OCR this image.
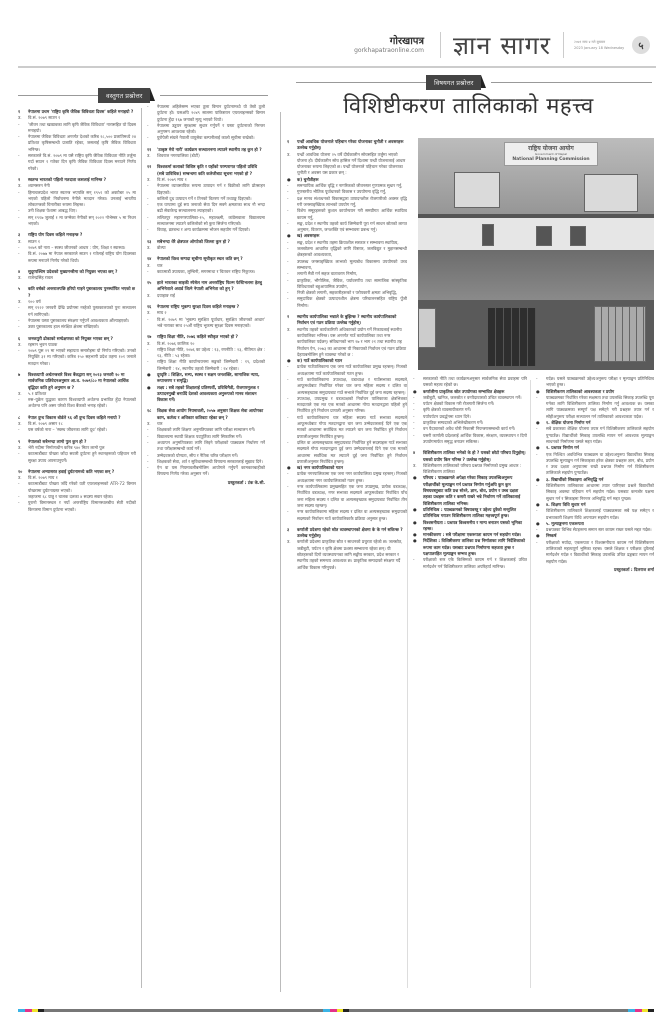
गोरखापत्र
gorkhapatraonline.com ज्ञान सागर	२०७९ माघ ४ गते बुधवार
2023 January 18 Wednesday	५
वस्तुगत प्रश्नोत्तर
विषयगत प्रश्नोत्तर
विशिष्टीकरण तालिकाको महत्त्व
१	नेपालमा प्रथम 'राष्ट्रिय कृषि जैविक विविधता दिवस' कहिले मनाइयो ?
उ.	वि.सं. २०७९ साउन १
-	'जीवन तथा खाद्यान्नका लागि कृषि जैविक विविधता' नारासहित यो दिवस मनाइयो।
-	नेपालमा जैविक विविधता अन्तर्गत देशको करिब २८,५०० प्रजातिमध्ये २४ प्रतिशत कृषिसम्बन्धी प्रजाति रहेका, जसलाई कृषि जैविक विविधता भनिन्छ।
-	सरकारले वि.सं. २०७९ मा यसै राष्ट्रिय कृषि जैविक विविधता नीति तर्जुमा गर्दा साउन १ गतेका दिन कृषि जैविक विविधता दिवस मनाउने निर्णय गरेको।
२	स्वतन्त्र भारतको पहिलो मतदाता कसलाई मानिन्छ ?
उ.	श्यामसरन नेगी
-	हिमाचलप्रदेश भारत स्वतन्त्र भएपछि सन् १९५१ को अक्टोबर २५ मा भएको पहिलो निर्वाचनमा नेगीले मतदान गरेका। उनलाई भारतीय लोकतन्त्रको चिनारीका रूपमा लिइन्छ।
-	उनी शिक्षक पेशामा आबद्ध थिए।
-	सन् १९१७ जुलाई १ मा जन्मेका नेगीको सन् २०२२ नोभेम्बर ५ मा निधन भएको।
३	राष्ट्रिय योग दिवस कहिले मनाइन्छ ?
उ.	साउन १
-	२०७९ को नारा – स्वस्थ जीवनको आधार : योग, शिक्षा र स्वास्थ्य।
-	वि.सं. २०७७ मा नेपाल सरकारले साउन १ गतेलाई राष्ट्रिय योग दिवसका रूपमा मनाउने निर्णय गरेको थियो।
४	सुदूरपश्चिम प्रदेशको मुख्यमन्त्रीमा को नियुक्त भएका छन् ?
उ.	राजेन्द्रसिंह रावल
५	कति वर्षको अन्तरालपछि हरियो गाइने पुस्तकालय पुनर्स्थापित भएको छ ?
उ.	१०० वर्ष
-	सन् १९२२ जनवरी देखि प्रयोगमा नरहेको पुस्तकालयको पुनः सञ्चालन गर्न लागिएको।
-	नेपालमा यस्ता पुस्तकालय संरक्षण गर्नुपर्ने आवश्यकता औंल्याइएको।
-	उक्त पुस्तकालय हाल संरक्षित क्षेत्रमा राखिएको।
६	जनकपुरी ढोकाको सम्प्रेक्षणका को नियुक्त भएका छन् ?
उ.	रहमान भुवन पाठक
-	२०७९ पुस २९ मा भएको सहायता समारोहमा यो निर्णय गरिएको। उनको नियुक्ति ३१ मा गरिएको। करिब १५० सहभागी प्रदेश तहमा १०१ जनाले मतदान गरेका।
७	विश्वव्यापी अर्थतन्त्रबारे विश्व बैंकद्वारा सन् २०२३ जनवरी १० मा सार्वजनिक प्रतिवेदनअनुसार आ.व. २०७९/८० मा नेपालको आर्थिक वृद्धिदर कति हुने अनुमान छ ?
उ.	५.१ प्रतिशत
-	रुस–युक्रेन युद्धका कारण विश्वव्यापी अर्थतन्त्र प्रभावित हुँदा नेपालको अर्थतन्त्र पनि असर परेको विश्व बैंकको भनाइ रहेको।
८	नेपाल दुग्ध विकास बोर्डले ९६ औं दुग्ध दिवस कहिले मनायो ?
उ.	वि.सं. २०७९ असार १८
-	यस वर्षको नारा – 'स्वस्थ जीवनका लागि दूध' रहेको।
९	नेपालको सबैभन्दा लामो पुल कुन हो ?
उ.	भेरी नदीमा निर्माणाधीन करिब ९४० मिटर लामो पुल
-	काठमाडौंबाट पोखरा जाँदा सवारी दुर्घटना हुने स्थानहरूको पहिचान गरी सुरक्षा उपाय अपनाउनुपर्ने।
१०	नेपालमा अभ्यासरत हवाई दुर्घटनामध्ये कति भएका छन् ?
उ.	वि.सं. २०७९ माघ १
-	काठमाडौंबाट पोखरा जाँदै गरेको यती एयरलाइन्सको ATR-72 विमान पोखरामा दुर्घटनाग्रस्त भएको।
-	जहाजमा ६८ यात्रु र चालक दलका ४ सदस्य सवार रहेका।
-	पुरानो विमानस्थल र नयाँ अन्तर्राष्ट्रिय विमानस्थलबीच सेती नदीको किनारमा विमान दुर्घटना भएको।
-	नेपालमा अहिलेसम्म भएका ठूला विमान दुर्घटनामध्ये यो तेस्रो ठूलो दुर्घटना हो। यसअघि २०४९ सालमा पाकिस्तान एयरलाइन्सको विमान दुर्घटना हुँदा १६७ जनाको मृत्यु भएको थियो।
-	नेपालमा उड्डयन सुरक्षामा सुधार गर्नुपर्ने र यस्ता दुर्घटनाको निरन्तर अनुगमन आवश्यक रहेको।
-	युरोपेली संघले नेपाली वायुसेवा कम्पनीलाई कालो सूचीमा राखेको।
११	'उत्कृष्ट मेरो नारी' कार्यक्रम सञ्चालनमा ल्याउने स्थानीय तह कुन हो ?
उ.	शिवराज नगरपालिका (डोटी)
१२	विश्वकर्मा कलाको विशिष्ट कृति र यहाँको परम्परागत पहिलो प्रविधि (सबै प्राविधिक) सम्बन्धमा कति कलेजीबाट सूचना भएको हो ?
उ.	वि.सं. २०७९ माघ १
-	नेपालमा व्यावसायिक रूपमा उत्पादन गर्न र विक्रीको लागि प्रोत्साहन दिइएको।
-	कलिलो दूध उत्पादन गर्ने र तिनको वितरण गर्ने तथ्याङ्क दिइएको।
-	एक घण्टामा दुई सय जनाको सेवा दिन सक्ने क्षमताका साथ नौ भन्दा बढी सेवाकेन्द्र सञ्चालनमा ल्याइएको।
-	ललितपुर महानगरपालिका-१५, महालक्ष्मी, कांग्रेसवाला विद्यालयमा सञ्चालनमा ल्याउने कलिलोको सो कुरा सिर्जना गरिएको।
-	विवाह, व्रतबन्ध र अन्य कार्यक्रममा भोजन सहयोग गर्ने दिएको।
१३	सबैभन्दा धेरै क्षेत्रफल ओगटेको जिल्ला कुन हो ?
उ.	डोल्पा
१४	नेपालको विश्व सम्पदा सूचीमा सूचीकृत स्थल कति छन् ?
उ.	चार
-	काठमाडौं उपत्यका, लुम्बिनी, सगरमाथा र चितवन राष्ट्रिय निकुञ्ज।
१५	हाले भारतका साइकी स्पेसेल नाम अन्तर्राष्ट्रिय फिल्म फेस्टिभलमा हेतबु अभिनेताले अवार्ड जित्ने नेपाली अभिनेता को हुन् ?
उ.	दयाहाङ राई
१६	नेपालमा राष्ट्रिय भूकम्प सुरक्षा दिवस कहिले मनाइन्छ ?
उ.	माघ २
-	वि.सं. २०७९ मा 'भूकम्प सुरक्षित पूर्वाधार, सुरक्षित जीवनको आधार' भन्ने नाराका साथ २५औं राष्ट्रिय भूकम्प सुरक्षा दिवस मनाइएको।
१७	राष्ट्रिय शिक्षा नीति, २०७६ कहिले स्वीकृत भएको हो ?
उ.	वि.सं. २०७६ कात्तिक १०
-	राष्ट्रिय शिक्षा नीति, २०७६ का उद्देश्य : १३, रणनीति : २३, नीतिगत क्षेत्र : १३, नीति : ५३ रहेका।
-	राष्ट्रिय शिक्षा नीति कार्यान्वयनमा सङ्घको जिम्मेवारी : १९, प्रदेशको जिम्मेवारी : १४, स्थानीय तहको जिम्मेवारी : २४ रहेका।
●	दूरदृष्टि : शिक्षित, सभ्य, स्वस्थ र सक्षम जनशक्ति, सामाजिक न्याय, रूपान्तरण र समृद्धि।
●	लक्ष्य : सबै तहको शिक्षालाई प्रतिस्पर्धी, प्रविधिमैत्री, रोजगारमूलक र उत्पादनमुखी बनाउँदै देशको आवश्यकता अनुरूपको मानव संशाधन विकास गर्ने।
१८	शिक्षक सेवा आयोग नियमावली, २०५७ अनुसार शिक्षक सेवा आयोगका काम, कर्तव्य र अधिकार कतिवटा रहेका छन् ?
उ.	चार
-	शिक्षकको लागि शिक्षण अनुमतिपत्रका लागि परीक्षा सञ्चालन गर्ने।
-	विद्यालयमा स्थायी शिक्षक पदपूर्तिका लागि सिफारिस गर्ने।
-	अध्यापन अनुमतिपत्रका लागि लिइने परीक्षाको पाठ्यक्रम निर्धारण गर्ने तथा परीक्षासम्बन्धी कार्य गर्ने।
-	उम्मेदवारको योग्यता, सीप र नैतिक चरित्र परीक्षण गर्ने।
-	शिक्षकको सेवा, शर्त र सुविधासम्बन्धी विषयमा सरकारलाई सुझाव दिने।
-	ऐन वा यस नियमावलीबमोजिम आयोगले गर्नुपर्ने कामकारबाहीको विषयमा निर्णय गरेका अनुसार गर्ने।
प्रस्तुतकर्ता : टंक के.सी.
१	पन्ध्रौं आवधिक योजनाले पहिचान गरेका योजनाका चुनौती र अवसरहरू उल्लेख गर्नुहोस्।
उ.	पन्ध्रौं आवधिक योजना २५ वर्षे दीर्घकालीन सोचसहित तर्जुमा भएको योजना हो। दीर्घकालीन सोच हासिल गर्ने दिशामा पन्ध्रौं योजनालाई आधार योजनाका रूपमा लिइएको छ। पन्ध्रौं योजनाले पहिचान गरेका योजनाका चुनौती र अवसर यस प्रकार छन् :
●	क) चुनौतीहरू
-	समन्यायिक आर्थिक वृद्धि र नागरिकको जीवनस्तर गुणात्मक सुधार गर्नु,
-	गुणस्तरीय भौतिक पूर्वाधारको विकास र उपयोगमा वृद्धि गर्नु,
-	दक्ष मानव संशाधनको विकासद्वारा उत्पादनशील रोजगारीको अवसर वृद्धि गरी जनसाङ्ख्यिक लाभको उपयोग गर्नु,
-	विशेष समूहहरूको कुशल कार्यान्वयन गरी समग्रीगत आर्थिक स्थायित्व कायम गर्नु,
-	सङ्घ, प्रदेश र स्थानीय तहको कार्य जिम्मेवारी पूरा गर्न साधन स्रोतको लागत अनुमान, वितरण, जनशक्ति एवं सम्भावना प्रबन्ध गर्नु।
●	ख) अवसरहरू
-	सङ्घ, प्रदेश र स्थानीय तहमा क्रियाशील सरकार र सम्भावना स्थायित्व,
-	जलस्रोतमा आधारित वृद्धिको लागि विस्तार, जलविद्युत र मुहानसम्बन्धी क्षेत्रहरूको आवश्यकता,
-	उपलब्ध जनसाङ्ख्यिक लाभको मूल्यबोध विकासमा उपयोगको उच्च सम्भावना,
-	लगानी मैत्री गर्न सहज वातावरण निर्माण,
-	प्राकृतिक, भौगोलिक, जैविक, पर्यावरणीय तथा सामाजिक सांस्कृतिक विविधताको बहुआयामिक उपयोग,
-	निजी क्षेत्रको लगानी, सहकारीहरूको र परोपकारी क्षमता अभिवृद्धि,
-	समुदायिक क्षेत्रको उत्पादनशील क्षेत्रमा परिचालनसहित राष्ट्रिय पुँजी निर्माण।
२	स्थानीय कार्यपालिका भन्नाले के बुझिन्छ ? स्थानीय कार्यपालिकाको निर्वाचन एवं गठन प्रक्रिया उल्लेख गर्नुहोस्।
उ.	स्थानीय तहको कार्यकारिणी अधिकारको प्रयोग गर्ने निकायलाई स्थानीय कार्यपालिका भनिन्छ। यस अन्तर्गत गाउँ कार्यपालिका तथा नगर कार्यपालिका पर्दछन्। संविधानको भाग २७ र भाग २१ तथा स्थानीय तह निर्वाचन ऐन, २०७३ का आधारमा यी निकायको निर्वाचन एवं गठन प्रक्रिया देहायबमोजिम हुने व्यवस्था गरेको छ :
●	क) गाउँ कार्यपालिकाको गठन
-	प्रत्येक गाउँपालिकामा एक जना गाउँ कार्यपालिका प्रमुख रहन्छन्। निजको अध्यक्षतामा गाउँ कार्यपालिकाको गठन हुन्छ।
-	गाउँ कार्यपालिकामा उपाध्यक्ष, वडाध्यक्ष र गाउँसभाका सदस्यले आफूमध्येबाट निर्वाचित गरेका चार जना महिला सदस्य र दलित वा अल्पसङ्ख्यक समुदायबाट गाउँ सभाले निर्वाचित दुई जना सदस्य रहन्छन्।
-	उपाध्यक्ष, उपप्रमुख र वडाध्यक्षको निर्वाचन पालिकाका क्षेत्रभित्रका मतदाताले एक मत एक मतको आधारमा गोप्य मतदानद्वारा पहिलो हुने निर्वाचित हुने निर्वाचन प्रणाली अनुसार गरिन्छ।
-	गाउँ कार्यपालिकामा चार महिला सदस्य गाउँ सभाका सदस्यले आफूमध्येबाट गोप्य मतदानद्वारा चार जना उम्मेदवारलाई दिने एक एक मतको आधारमा सर्वाधिक मत ल्याउने चार जना निर्वाचित हुने निर्वाचन प्रणालीअनुसार निर्वाचित हुन्छन्।
-	दलित वा अल्पसङ्ख्यक समुदायबाट निर्वाचित हुने सदस्यहरू गाउँ सभाका सदस्यले गोप्य मतदानद्वारा दुई जना उम्मेदवारलाई दिने एक एक मतको आधारमा सर्वाधिक मत ल्याउने दुई जना निर्वाचित हुने निर्वाचन प्रणालीअनुसार निर्वाचित हुन्छन्।
●	ख) नगर कार्यपालिकाको गठन
-	प्रत्येक नगरपालिकामा एक जना नगर कार्यपालिका प्रमुख रहन्छन्। निजको अध्यक्षतामा नगर कार्यपालिकाको गठन हुन्छ।
-	नगर कार्यपालिकामा प्रमुखसहित एक जना उपप्रमुख, प्रत्येक वडाध्यक्ष, निर्वाचित वडाध्यक्ष, नगर सभाका सदस्यले आफूमध्येबाट निर्वाचित पाँच जना महिला सदस्य र दलित वा अल्पसङ्ख्यक समुदायबाट निर्वाचित तीन जना सदस्य रहन्छन्।
-	नगर कार्यपालिकामा महिला सदस्य र दलित वा अल्पसङ्ख्यक समुदायको सदस्यको निर्वाचन गाउँ कार्यपालिकाकै प्रक्रिया अनुसार हुन्छ।
३	कर्णाली प्रदेशमा रहेको स्रोत व्यवस्थापनको क्षेत्रमा के के गर्न सकिन्छ ? उल्लेख गर्नुहोस्।
उ.	कर्णाली प्रदेशमा प्राकृतिक स्रोत र साधनको प्रचुरता रहेको छ। जलस्रोत, जडीबुटी, पर्यटन र कृषि क्षेत्रमा प्रशस्त सम्भावना रहेका छन्। यी स्रोतहरूको दिगो व्यवस्थापनका लागि सङ्घीय सरकार, प्रदेश सरकार र स्थानीय तहको समन्वय आवश्यक छ। प्राकृतिक सम्पदाको संरक्षण गर्दै आर्थिक विकास गरिनुपर्छ।
राष्ट्रिय योजना आयोग
Government of Nepal
National Planning Commission
-	सरकारको नीति तथा कार्यक्रमअनुसार सार्वजनिक सेवा प्रवाहमा पनि यसको महत्त्व रहेको छ।
●	कर्णालीमा प्राकृतिक स्रोत उपयोगका सम्भावित क्षेत्रहरू
-	जडीबुटी, खनिज, जलस्रोत र वनपैदावारको उचित व्यवस्थापन गर्ने।
-	पर्यटन क्षेत्रको विकास गरी रोजगारी सिर्जना गर्ने।
-	कृषि क्षेत्रको व्यवसायीकरण गर्ने।
-	पर्यापर्यटन प्रवर्द्धनमा ध्यान दिने।
-	प्राकृतिक सम्पदाको अभिलेखीकरण गर्ने।
-	वन पैदावारको अवैध चोरी निकासी नियन्त्रणसम्बन्धी कार्य गर्ने।
-	यसरी कर्णाली प्रदेशलाई आर्थिक विकास, संरक्षण, व्यवस्थापन र दिगो उपयोगमार्फत समृद्ध बनाउन सकिन्छ।
४	विशिष्टीकरण तालिका भनेको के हो ? यसको छोटो परिचय दिनुहोस्। यसको प्रयोग किन गरिन्छ ? उल्लेख गर्नुहोस्।
उ.	विशिष्टीकरण तालिकाको परिचय प्रश्नपत्र निर्माणको प्रमुख आधार : विशिष्टीकरण तालिका
●	परिचय : पाठ्यक्रमले अपेक्षा गरेका सिकाइ उपलब्धिअनुरूप परीक्षार्थीको मूल्याङ्कन गर्न प्रश्नपत्र निर्माण गर्नुअघि कुन कुन विषयवस्तुबाट कति प्रश्न सोध्ने, ज्ञान, बोध, प्रयोग र उच्च दक्षता तहका प्रश्नहरू कति र कसरी राख्ने भन्ने निर्धारण गर्ने तालिकालाई विशिष्टीकरण तालिका भनिन्छ।
●	प्रतिनिधित्व : पाठ्यक्रमको विषयवस्तु र उद्देश्य दुवैको सन्तुलित प्रतिनिधित्व गराउन विशिष्टीकरण तालिका महत्त्वपूर्ण हुन्छ।
●	विश्वसनीयता : प्रश्नपत्र विश्वसनीय र मान्य बनाउन यसको भूमिका रहन्छ।
●	मानकीकरण : सबै परीक्षामा एकरूपता कायम गर्न सहयोग गर्दछ।
●	निर्देशिका : विशिष्टीकरण तालिका प्रश्न निर्माताका लागि निर्देशिकाको रूपमा काम गर्दछ। यसबाट प्रश्नपत्र निर्माणमा सहजता हुन्छ र पक्षपातरहित मूल्याङ्कन सम्भव हुन्छ।
-	परीक्षाको स्तर एकै किसिमको कायम गर्न र शिक्षकलाई उचित मार्गदर्शन गर्न विशिष्टीकरण तालिका अपरिहार्य मानिन्छ।
-	गर्दछ। यसले पाठ्यक्रमको उद्देश्यअनुरूप परीक्षा र मूल्याङ्कन प्रतिनिधित्व भएको हुन्छ।
●	विशिष्टीकरण तालिकाको आवश्यकता र प्रयोग
-	पाठ्यक्रमका निर्धारित गरेका सक्षमता तथा उपलब्धि सिकाइ उपलब्धि पूरा गर्नका लागि विशिष्टीकरण तालिका निर्माण गर्नु आवश्यक छ। यसका लागि पाठ्यक्रमका सम्पूर्ण पक्ष समेट्ने गरी प्रश्नहरू तयार गर्न र सोहीअनुरूप परीक्षा सञ्चालन गर्न तालिकाको आवश्यकता पर्दछ।
●	१. शैक्षिक योजना निर्माण गर्न
-	सबै प्रकारका शैक्षिक योजना तयार गर्न विशिष्टीकरण तालिकाले सहयोग पुऱ्याउँछ। विद्यार्थीको सिकाइ उपलब्धि मापन गर्न आवश्यक मूल्याङ्कन साधनको निर्माणमा यसले मद्दत गर्दछ।
●	२. प्रश्नपत्र निर्माण गर्न
-	एक निश्चित अवधिभित्र पाठ्यक्रम वा उद्देश्यअनुरूप विद्यार्थीका सिकाइ उपलब्धि मूल्याङ्कन गर्न सिकाइका हरेक क्षेत्रका प्रश्नहरू ज्ञान, बोध, प्रयोग र उच्च दक्षता अनुपातमा राखी प्रश्नपत्र निर्माण गर्न विशिष्टीकरण तालिकाले सहयोग पुऱ्याउँछ।
●	३. विद्यार्थीको सिकाइमा अभिवृद्धि गर्न
-	विशिष्टीकरण तालिकाका आधारमा तयार पारिएका प्रश्नले विद्यार्थीको सिकाइ अवस्था पहिचान गर्न सहयोग गर्दछ। यसबाट कमजोर पक्षमा सुधार गर्न र सिकाइमा निरन्तर अभिवृद्धि गर्न मद्दत पुग्दछ।
●	४. शिक्षण विधि सुधार गर्न
-	विशिष्टीकरण तालिकाले शिक्षकलाई पाठ्यक्रमका सबै पक्ष समेट्न र प्रभावकारी शिक्षण विधि अपनाउन सहयोग गर्दछ।
●	५. मूल्याङ्कनमा एकरूपता
-	प्रश्नपत्रका विभिन्न सेटहरूमा समान स्तर कायम राख्न यसले मद्दत गर्दछ।
●	निष्कर्ष
-	परीक्षाको मर्यादा, एकरूपता र विश्वसनीयता कायम गर्न विशिष्टीकरण तालिकाको महत्त्वपूर्ण भूमिका रहन्छ। यसले शिक्षक र परीक्षक दुवैलाई मार्गदर्शन गर्दछ र विद्यार्थीको सिकाइ उपलब्धि उचित ढङ्गबाट मापन गर्न सहयोग गर्दछ।
प्रस्तुतकर्ता : दिलराज शर्मा
